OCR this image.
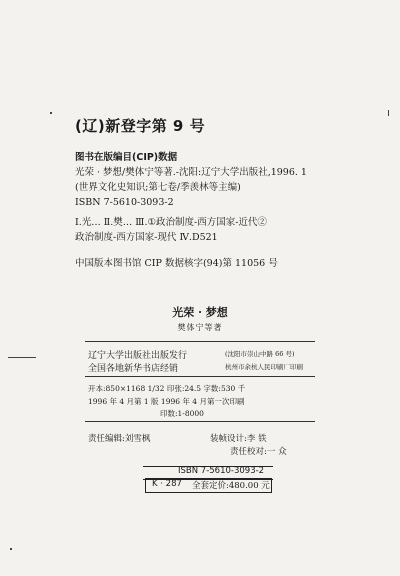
(辽)新登字第 9 号
图书在版编目(CIP)数据
光荣 · 梦想/樊体宁等著.-沈阳:辽宁大学出版社,1996. 1
(世界文化史知识;第七卷/季羡林等主编)
ISBN 7-5610-3093-2
Ⅰ.光… Ⅱ.樊… Ⅲ.①政治制度-西方国家-近代②
政治制度-西方国家-现代 Ⅳ.D521
中国版本图书馆 CIP 数据核字(94)第 11056 号
光荣 · 梦想
樊体宁等著
辽宁大学出版社出版发行
全国各地新华书店经销
(沈阳市崇山中路 66 号)
杭州市余杭人民印刷厂印刷
开本:850×1168 1/32 印张:24.5 字数:530 千
1996 年 4 月第 1 版 1996 年 4 月第一次印刷
印数:1-8000
责任编辑:刘雪枫	装帧设计:李 铁
责任校对:一 众
ISBN 7-5610-3093-2
K · 287 全套定价:480.00 元
